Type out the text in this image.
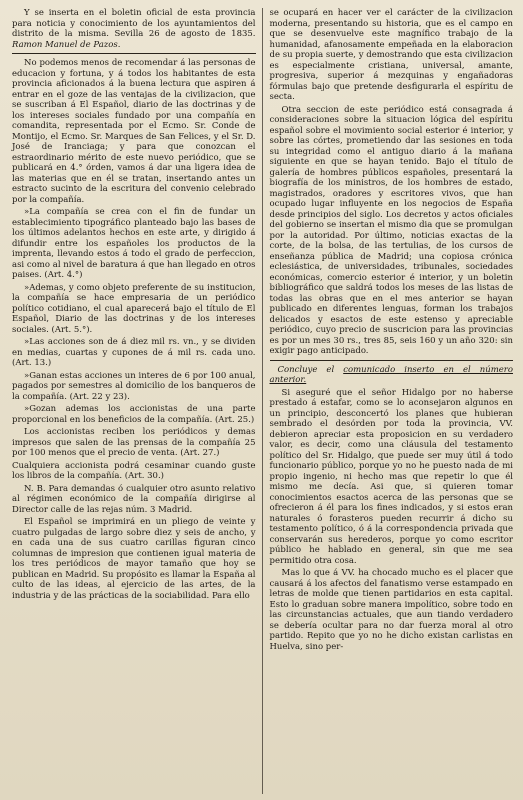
Y se inserta en el boletin oficial de esta provincia para noticia y conocimiento de los ayuntamientos del distrito de la misma. Sevilla 26 de agosto de 1835. Ramon Manuel de Pazos.

No podemos menos de recomendar á las personas de educacion y fortuna, y á todos los habitantes de esta provincia aficionados á la buena lectura que aspiren á entrar en el goze de las ventajas de la civilizacion, que se suscriban á El Español, diario de las doctrinas y de los intereses sociales fundado por una compañía en comandita, representada por el Ecmo. Sr. Conde de Montijo, el Ecmo. Sr. Marques de San Felices, y el Sr. D. José de Iranciaga; y para que conozcan el estraordinario mérito de este nuevo periódico, que se publicará en 4.° órden, vamos á dar una ligera idea de las materias que en él se tratan, insertando antes un estracto sucinto de la escritura del convenio celebrado por la compañía.

»La compañía se crea con el fin de fundar un establecimiento tipográfico planteado bajo las bases de los últimos adelantos hechos en este arte, y dirigido á difundir entre los españoles los productos de la imprenta, llevando estos á todo el grado de perfeccion, asi como al nivel de baratura á que han llegado en otros paises. (Art. 4.°)

»Ademas, y como objeto preferente de su institucion, la compañía se hace empresaria de un periódico político cotidiano, el cual aparecerá bajo el título de El Español, Diario de las doctrinas y de los intereses sociales. (Art. 5.°).

»Las acciones son de á diez mil rs. vn., y se dividen en medias, cuartas y cupones de á mil rs. cada uno. (Art. 13.)

»Ganan estas acciones un interes de 6 por 100 anual, pagados por semestres al domicilio de los banqueros de la compañía. (Art. 22 y 23).

»Gozan ademas los accionistas de una parte proporcional en los beneficios de la compañía. (Art. 25.)

Los accionistas reciben los periódicos y demas impresos que salen de las prensas de la compañía 25 por 100 menos que el precio de venta. (Art. 27.)

Cualquiera accionista podrá cesaminar cuando guste los libros de la compañía. (Art. 30.)

N. B. Para demandas ó cualquier otro asunto relativo al régimen económico de la compañía dirigirse al Director calle de las rejas núm. 3 Madrid.

El Español se imprimirá en un pliego de veinte y cuatro pulgadas de largo sobre diez y seis de ancho, y en cada una de sus cuatro carillas figuran cinco columnas de impresion que contienen igual materia de los tres periódicos de mayor tamaño que hoy se publican en Madrid. Su propósito es llamar la España al culto de las ideas, al ejercicio de las artes, de la industria y de las prácticas de la sociabilidad. Para ello

se ocupará en hacer ver el carácter de la civilizacion moderna, presentando su historia, que es el campo en que se desenvuelve este magnífico trabajo de la humanidad, afanosamente empeñada en la elaboracion de su propia suerte, y demostrando que esta civilizacion es especialmente cristiana, universal, amante, progresiva, superior á mezquinas y engañadoras fórmulas bajo que pretende desfigurarla el espíritu de secta.

Otra seccion de este periódico está consagrada á consideraciones sobre la situacion lógica del espíritu español sobre el movimiento social esterior é interior, y sobre las córtes, prometiendo dar las sesiones en toda su integridad como el antiguo diario á la mañana siguiente en que se hayan tenido. Bajo el título de galería de hombres públicos españoles, presentará la biografía de los ministros, de los hombres de estado, magistrados, oradores y escritores vivos, que han ocupado lugar influyente en los negocios de España desde principios del siglo. Los decretos y actos oficiales del gobierno se insertan el mismo dia que se promulgan por la autoridad. Por último, noticias exactas de la corte, de la bolsa, de las tertulias, de los cursos de enseñanza pública de Madrid; una copiosa crónica eclesiástica, de universidades, tribunales, sociedades económicas, comercio esterior é interior, y un boletin bibliográfico que saldrá todos los meses de las listas de todas las obras que en el mes anterior se hayan publicado en diferentes lenguas, forman los trabajos delicados y esactos de este estenso y apreciable periódico, cuyo precio de suscricion para las provincias es por un mes 30 rs., tres 85, seis 160 y un año 320: sin exigir pago anticipado.

Concluye el comunicado inserto en el número anterior.

Si aseguré que el señor Hidalgo por no haberse prestado á estafar, como se lo aconsejaron algunos en un principio, desconcertó los planes que hubieran sembrado el desórden por toda la provincia, VV. debieron apreciar esta proposicion en su verdadero valor, es decir, como una cláusula del testamento político del Sr. Hidalgo, que puede ser muy útil á todo funcionario público, porque yo no he puesto nada de mi propio ingenio, ni hecho mas que repetir lo que él mismo me decía. Asi que, si quieren tomar conocimientos esactos acerca de las personas que se ofrecieron á él para los fines indicados, y si estos eran naturales ó forasteros pueden recurrir á dicho su testamento político, ó á la correspondencia privada que conservarán sus herederos, porque yo como escritor público he hablado en general, sin que me sea permitido otra cosa.

Mas lo que á VV. ha chocado mucho es el placer que causará á los afectos del fanatismo verse estampado en letras de molde que tienen partidarios en esta capital. Esto lo graduan sobre manera impolítico, sobre todo en las circunstancias actuales, que aun tiando verdadero se debería ocultar para no dar fuerza moral al otro partido. Repito que yo no he dicho existan carlistas en Huelva, sino per-
